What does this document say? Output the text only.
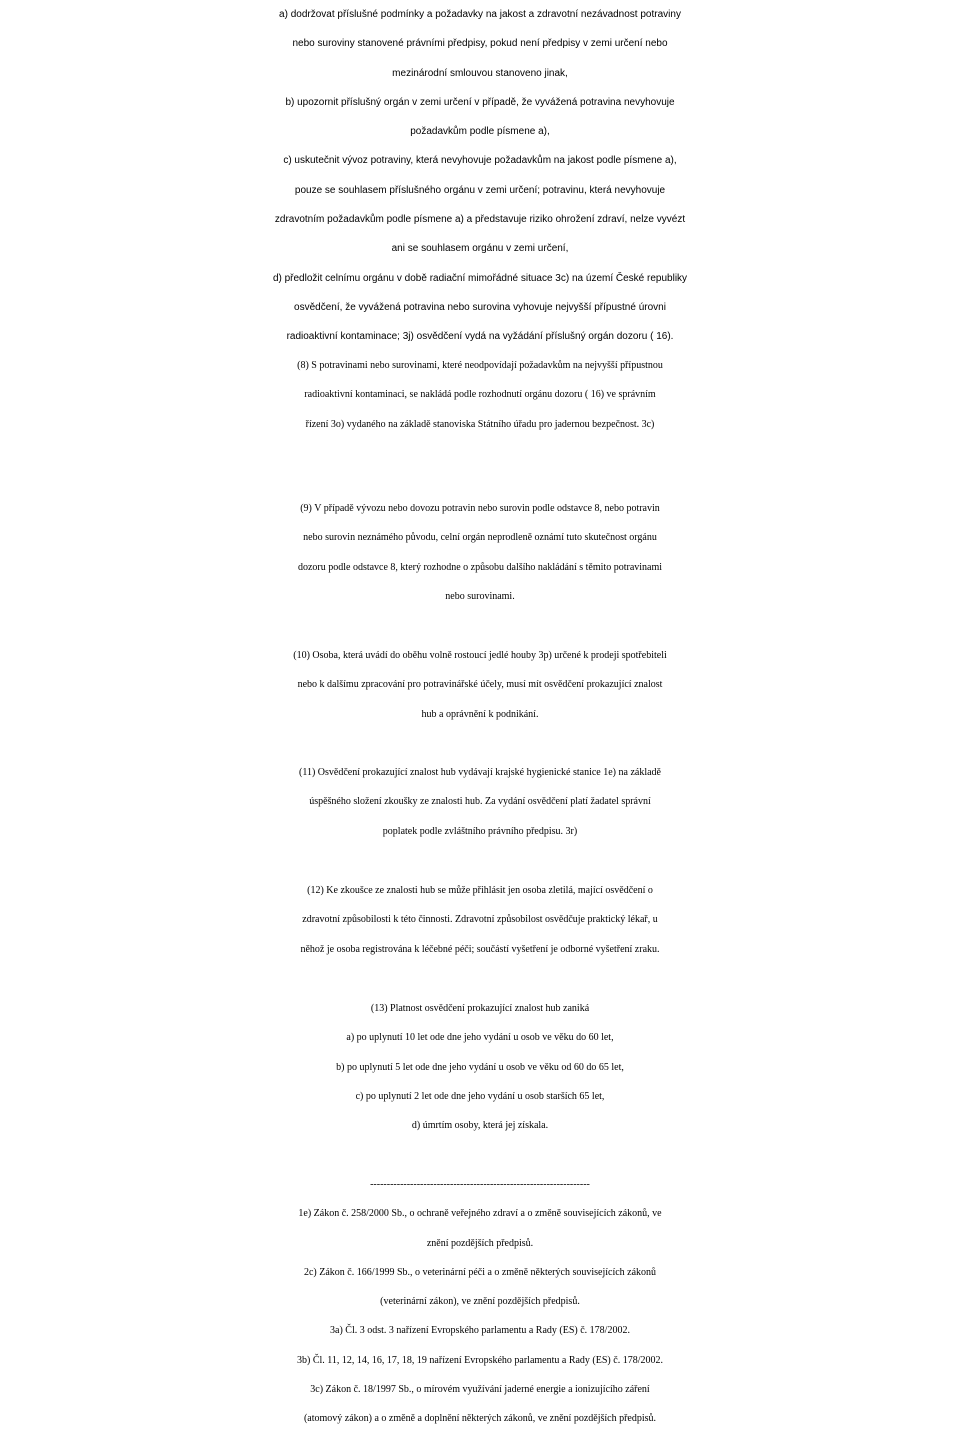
a) dodržovat příslušné podmínky a požadavky na jakost a zdravotní nezávadnost potraviny
nebo suroviny stanovené právními předpisy, pokud není předpisy v zemi určení nebo
mezinárodní smlouvou stanoveno jinak,
b) upozornit příslušný orgán v zemi určení v případě, že vyvážená potravina nevyhovuje
požadavkům podle písmene a),
c) uskutečnit vývoz potraviny, která nevyhovuje požadavkům na jakost podle písmene a),
pouze se souhlasem příslušného orgánu v zemi určení; potravinu, která nevyhovuje
zdravotním požadavkům podle písmene a) a představuje riziko ohrožení zdraví, nelze vyvézt
ani se souhlasem orgánu v zemi určení,
d) předložit celnímu orgánu v době radiační mimořádné situace 3c) na území České republiky
osvědčení, že vyvážená potravina nebo surovina vyhovuje nejvyšší přípustné úrovni
radioaktivní kontaminace; 3j) osvědčení vydá na vyžádání příslušný orgán dozoru ( 16).
(8) S potravinami nebo surovinami, které neodpovídají požadavkům na nejvyšší přípustnou
radioaktivní kontaminaci, se nakládá podle rozhodnutí orgánu dozoru ( 16) ve správním
řízení 3o) vydaného na základě stanoviska Státního úřadu pro jadernou bezpečnost. 3c)
(9) V případě vývozu nebo dovozu potravin nebo surovin podle odstavce 8, nebo potravin
nebo surovin neznámého původu, celní orgán neprodleně oznámí tuto skutečnost orgánu
dozoru podle odstavce 8, který rozhodne o způsobu dalšího nakládání s těmito potravinami
nebo surovinami.
(10) Osoba, která uvádí do oběhu volně rostoucí jedlé houby 3p) určené k prodeji spotřebiteli
nebo k dalšímu zpracování pro potravinářské účely, musí mít osvědčení prokazující znalost
hub a oprávnění k podnikání.
(11) Osvědčení prokazující znalost hub vydávají krajské hygienické stanice 1e) na základě
úspěšného složení zkoušky ze znalosti hub. Za vydání osvědčení platí žadatel správní
poplatek podle zvláštního právního předpisu. 3r)
(12) Ke zkoušce ze znalosti hub se může přihlásit jen osoba zletilá, mající osvědčení o
zdravotní způsobilosti k této činnosti. Zdravotní způsobilost osvědčuje praktický lékař, u
něhož je osoba registrována k léčebné péči; součástí vyšetření je odborné vyšetření zraku.
(13) Platnost osvědčení prokazující znalost hub zaniká
a) po uplynutí 10 let ode dne jeho vydání u osob ve věku do 60 let,
b) po uplynutí 5 let ode dne jeho vydání u osob ve věku od 60 do 65 let,
c) po uplynutí 2 let ode dne jeho vydání u osob starších 65 let,
d) úmrtím osoby, která jej získala.
------------------------------------------------------------------
1e) Zákon č. 258/2000 Sb., o ochraně veřejného zdraví a o změně souvisejících zákonů, ve
znění pozdějších předpisů.
2c) Zákon č. 166/1999 Sb., o veterinární péči a o změně některých souvisejících zákonů
(veterinární zákon), ve znění pozdějších předpisů.
3a) Čl. 3 odst. 3 nařízení Evropského parlamentu a Rady (ES) č. 178/2002.
3b) Čl. 11, 12, 14, 16, 17, 18, 19 nařízení Evropského parlamentu a Rady (ES) č. 178/2002.
3c) Zákon č. 18/1997 Sb., o mírovém využívání jaderné energie a ionizujícího záření
(atomový zákon) a o změně a doplnění některých zákonů, ve znění pozdějších předpisů.
